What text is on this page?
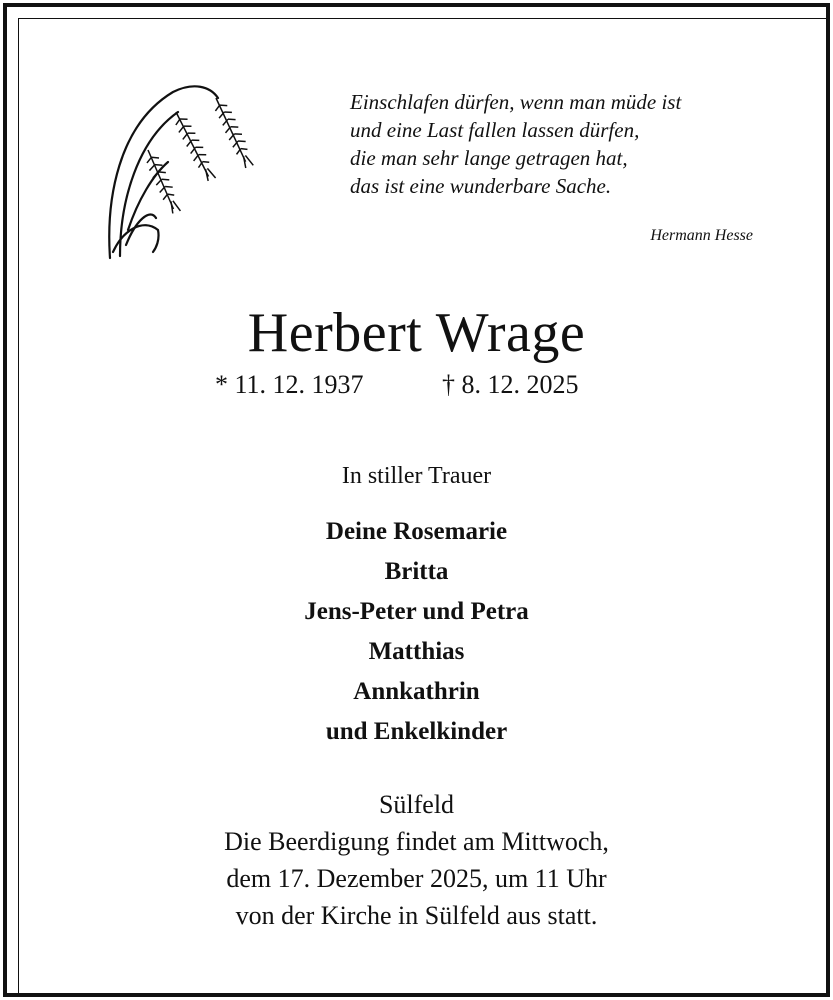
Einschlafen dürfen, wenn man müde ist
und eine Last fallen lassen dürfen,
die man sehr lange getragen hat,
das ist eine wunderbare Sache.
Hermann Hesse
Herbert Wrage
* 11. 12. 1937	† 8. 12. 2025
In stiller Trauer
Deine Rosemarie
Britta
Jens-Peter und Petra
Matthias
Annkathrin
und Enkelkinder
Sülfeld
Die Beerdigung findet am Mittwoch,
dem 17. Dezember 2025, um 11 Uhr
von der Kirche in Sülfeld aus statt.
